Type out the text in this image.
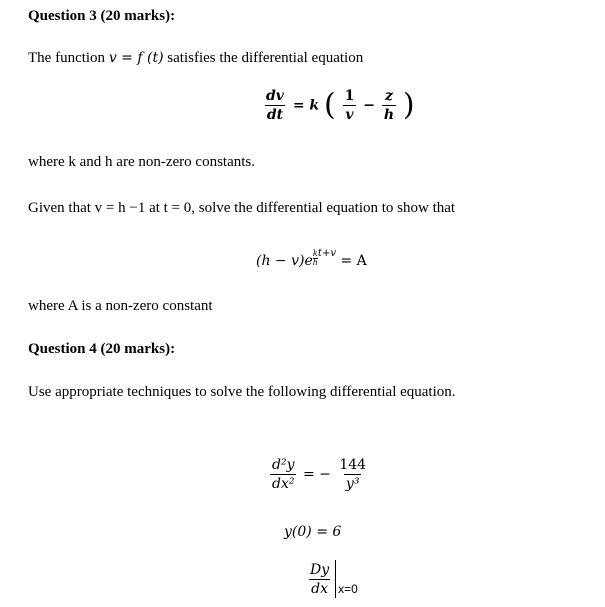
Question 3 (20 marks):
The function v = f (t) satisfies the differential equation
$\frac{dv}{dt} = k$ ( $\frac{1}{v} - \frac{z}{h}$ )
where k and h are non-zero constants.
Given that v = h −1 at t = 0, solve the differential equation to show that
$(h - v)e \frac{k}{h} ^{t+v} = A$
where A is a non-zero constant
Question 4 (20 marks):
Use appropriate techniques to solve the following differential equation.
$\frac{\text{d²y}}{\text{dx²}}$ = − $\frac{144}{\text{y³}}$
y(0) = 6
$\frac{Dy}{dx} x=0$
